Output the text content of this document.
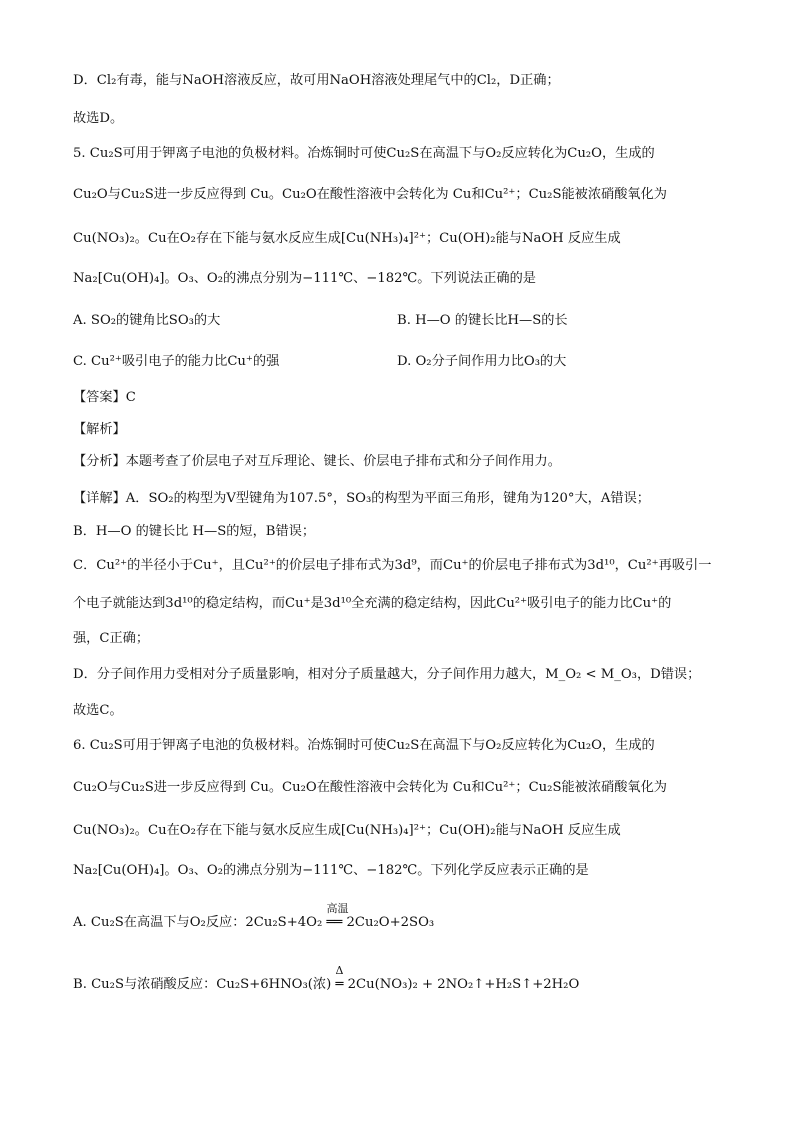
D．Cl₂有毒，能与NaOH溶液反应，故可用NaOH溶液处理尾气中的Cl₂，D正确；
故选D。
5. Cu₂S可用于钾离子电池的负极材料。冶炼铜时可使Cu₂S在高温下与O₂反应转化为Cu₂O，生成的
Cu₂O与Cu₂S进一步反应得到 Cu。Cu₂O在酸性溶液中会转化为 Cu和Cu²⁺；Cu₂S能被浓硝酸氧化为
Cu(NO₃)₂。Cu在O₂存在下能与氨水反应生成[Cu(NH₃)₄]²⁺；Cu(OH)₂能与NaOH 反应生成
Na₂[Cu(OH)₄]。O₃、O₂的沸点分别为−111℃、−182℃。下列说法正确的是
A. SO₂的键角比SO₃的大	B. H—O 的键长比H—S的长
C. Cu²⁺吸引电子的能力比Cu⁺的强	D. O₂分子间作用力比O₃的大
【答案】C
【解析】
【分析】本题考查了价层电子对互斥理论、键长、价层电子排布式和分子间作用力。
【详解】A．SO₂的构型为V型键角为107.5°，SO₃的构型为平面三角形，键角为120°大，A错误；
B．H—O 的键长比 H—S的短，B错误；
C．Cu²⁺的半径小于Cu⁺，且Cu²⁺的价层电子排布式为3d⁹，而Cu⁺的价层电子排布式为3d¹⁰，Cu²⁺再吸引一
个电子就能达到3d¹⁰的稳定结构，而Cu⁺是3d¹⁰全充满的稳定结构，因此Cu²⁺吸引电子的能力比Cu⁺的
强，C正确；
D．分子间作用力受相对分子质量影响，相对分子质量越大，分子间作用力越大，M_O₂ < M_O₃，D错误；
故选C。
6. Cu₂S可用于钾离子电池的负极材料。冶炼铜时可使Cu₂S在高温下与O₂反应转化为Cu₂O，生成的
Cu₂O与Cu₂S进一步反应得到 Cu。Cu₂O在酸性溶液中会转化为 Cu和Cu²⁺；Cu₂S能被浓硝酸氧化为
Cu(NO₃)₂。Cu在O₂存在下能与氨水反应生成[Cu(NH₃)₄]²⁺；Cu(OH)₂能与NaOH 反应生成
Na₂[Cu(OH)₄]。O₃、O₂的沸点分别为−111℃、−182℃。下列化学反应表示正确的是
A. Cu₂S在高温下与O₂反应：2Cu₂S+4O₂
高温
══ 2Cu₂O+2SO₃
B. Cu₂S与浓硝酸反应：Cu₂S+6HNO₃(浓)
Δ
═ 2Cu(NO₃)₂ + 2NO₂↑+H₂S↑+2H₂O
